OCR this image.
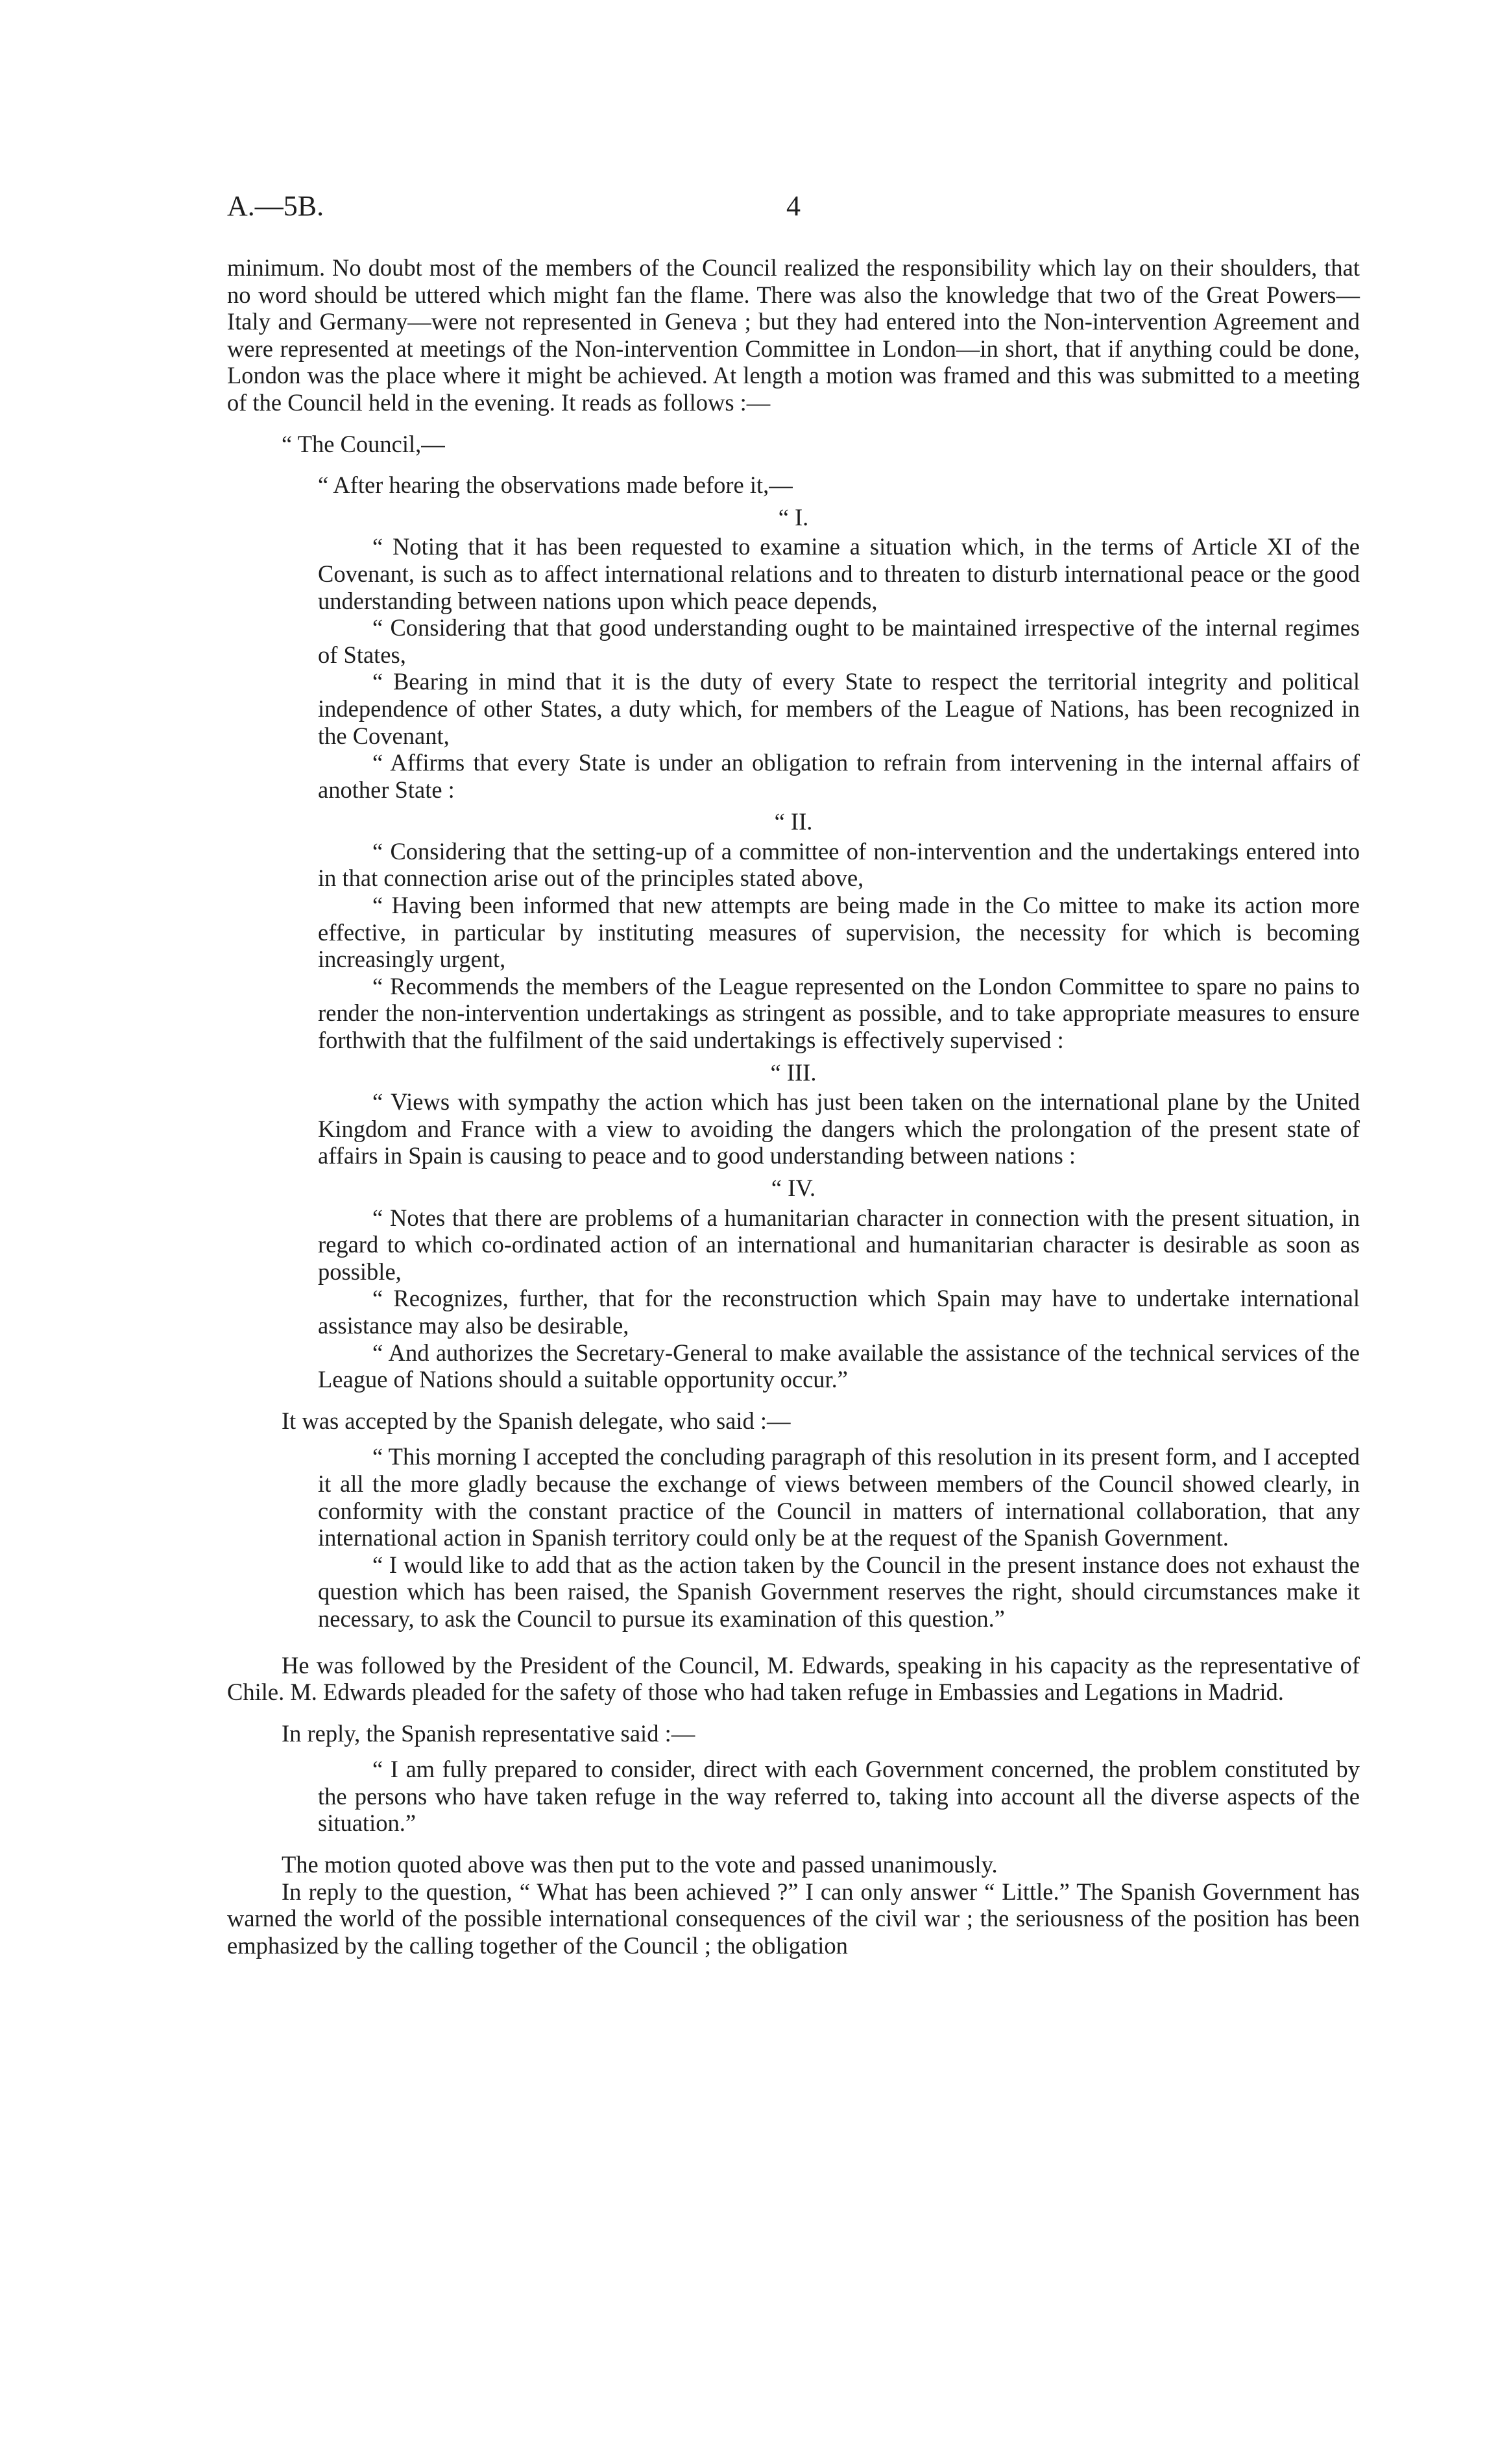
A.—5B.	4

minimum. No doubt most of the members of the Council realized the responsibility which lay on their shoulders, that no word should be uttered which might fan the flame. There was also the knowledge that two of the Great Powers—Italy and Germany—were not represented in Geneva ; but they had entered into the Non-intervention Agreement and were represented at meetings of the Non-intervention Committee in London—in short, that if anything could be done, London was the place where it might be achieved. At length a motion was framed and this was submitted to a meeting of the Council held in the evening. It reads as follows :—

“ The Council,—

“ After hearing the observations made before it,—

“ I.

“ Noting that it has been requested to examine a situation which, in the terms of Article XI of the Covenant, is such as to affect international relations and to threaten to disturb international peace or the good understanding between nations upon which peace depends,

“ Considering that that good understanding ought to be maintained irrespective of the internal regimes of States,

“ Bearing in mind that it is the duty of every State to respect the territorial integrity and political independence of other States, a duty which, for members of the League of Nations, has been recognized in the Covenant,

“ Affirms that every State is under an obligation to refrain from intervening in the internal affairs of another State :

“ II.

“ Considering that the setting-up of a committee of non-intervention and the undertakings entered into in that connection arise out of the principles stated above,

“ Having been informed that new attempts are being made in the Co mittee to make its action more effective, in particular by instituting measures of supervision, the necessity for which is becoming increasingly urgent,

“ Recommends the members of the League represented on the London Committee to spare no pains to render the non-intervention undertakings as stringent as possible, and to take appropriate measures to ensure forthwith that the fulfilment of the said undertakings is effectively supervised :

“ III.

“ Views with sympathy the action which has just been taken on the international plane by the United Kingdom and France with a view to avoiding the dangers which the prolongation of the present state of affairs in Spain is causing to peace and to good understanding between nations :

“ IV.

“ Notes that there are problems of a humanitarian character in connection with the present situation, in regard to which co-ordinated action of an international and humanitarian character is desirable as soon as possible,

“ Recognizes, further, that for the reconstruction which Spain may have to undertake international assistance may also be desirable,

“ And authorizes the Secretary-General to make available the assistance of the technical services of the League of Nations should a suitable opportunity occur.”

It was accepted by the Spanish delegate, who said :—

“ This morning I accepted the concluding paragraph of this resolution in its present form, and I accepted it all the more gladly because the exchange of views between members of the Council showed clearly, in conformity with the constant practice of the Council in matters of international collaboration, that any international action in Spanish territory could only be at the request of the Spanish Government.

“ I would like to add that as the action taken by the Council in the present instance does not exhaust the question which has been raised, the Spanish Government reserves the right, should circumstances make it necessary, to ask the Council to pursue its examination of this question.”

He was followed by the President of the Council, M. Edwards, speaking in his capacity as the representative of Chile. M. Edwards pleaded for the safety of those who had taken refuge in Embassies and Legations in Madrid.

In reply, the Spanish representative said :—

“ I am fully prepared to consider, direct with each Government concerned, the problem constituted by the persons who have taken refuge in the way referred to, taking into account all the diverse aspects of the situation.”

The motion quoted above was then put to the vote and passed unanimously.

In reply to the question, “ What has been achieved ?” I can only answer “ Little.” The Spanish Government has warned the world of the possible international consequences of the civil war ; the seriousness of the position has been emphasized by the calling together of the Council ; the obligation
